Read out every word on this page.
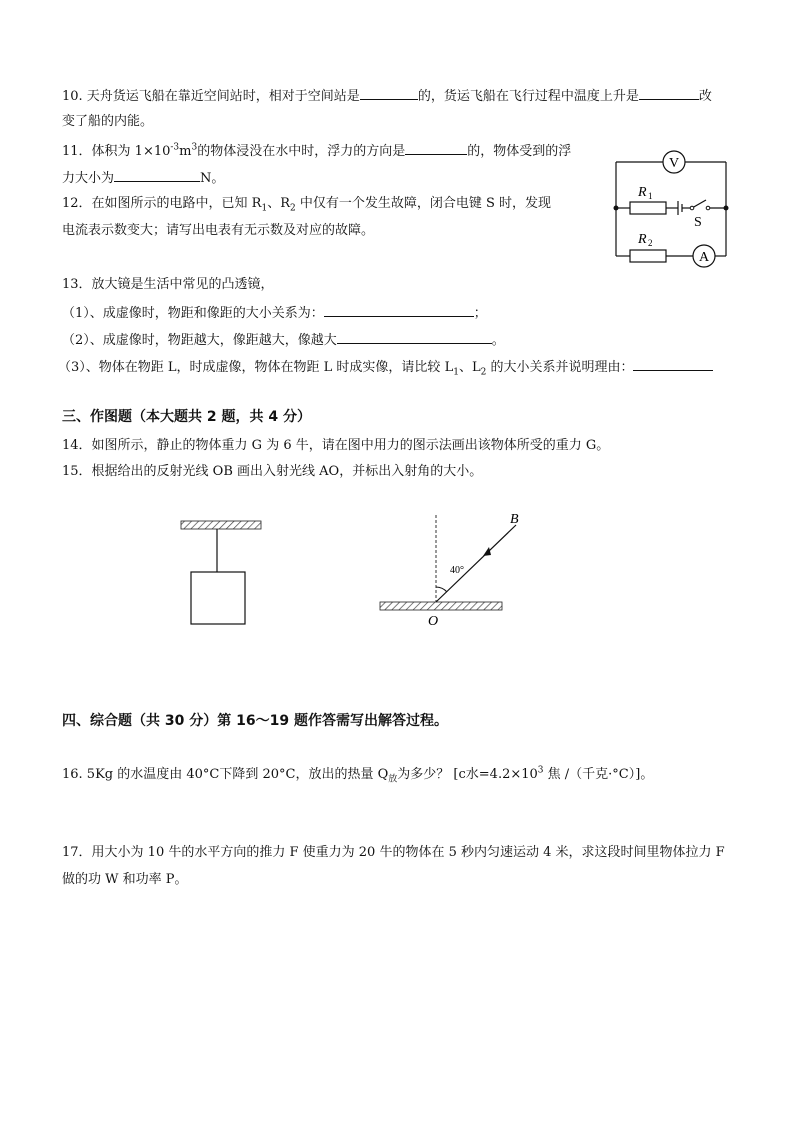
10. 天舟货运飞船在靠近空间站时，相对于空间站是	的，货运飞船在飞行过程中温度上升是	改
变了船的内能。
11．体积为 $1\times 10^{-3}m^3$的物体浸没在水中时，浮力的方向是	的，物体受到的浮
力大小为	N。
12．在如图所示的电路中，已知 $R_1$、$R_2$ 中仅有一个发生故障，闭合电键 S 时，发现
电流表示数变大；请写出电表有无示数及对应的故障。
V
A
R 1
R 2
S
13．放大镜是生活中常见的凸透镜，
（1）、成虚像时，物距和像距的大小关系为：	；
（2）、成虚像时，物距越大，像距越大，像越大	。
（3）、物体在物距 L，时成虚像，物体在物距 L 时成实像，请比较 $L_1$、$L_2$ 的大小关系并说明理由：
三、作图题（本大题共 2 题，共 4 分）
14．如图所示，静止的物体重力 G 为 6 牛，请在图中用力的图示法画出该物体所受的重力 G。
15．根据给出的反射光线 OB 画出入射光线 AO，并标出入射角的大小。
40°
B
O
四、综合题（共 30 分）第 16～19 题作答需写出解答过程。
16. 5Kg 的水温度由 40°C下降到 20°C，放出的热量 $Q_放$为多少？ [c水$=4.2\times 10^3$ 焦 /（千克·°C）]。
17．用大小为 10 牛的水平方向的推力 F 使重力为 20 牛的物体在 5 秒内匀速运动 4 米，求这段时间里物体拉力 F
做的功 W 和功率 P。
